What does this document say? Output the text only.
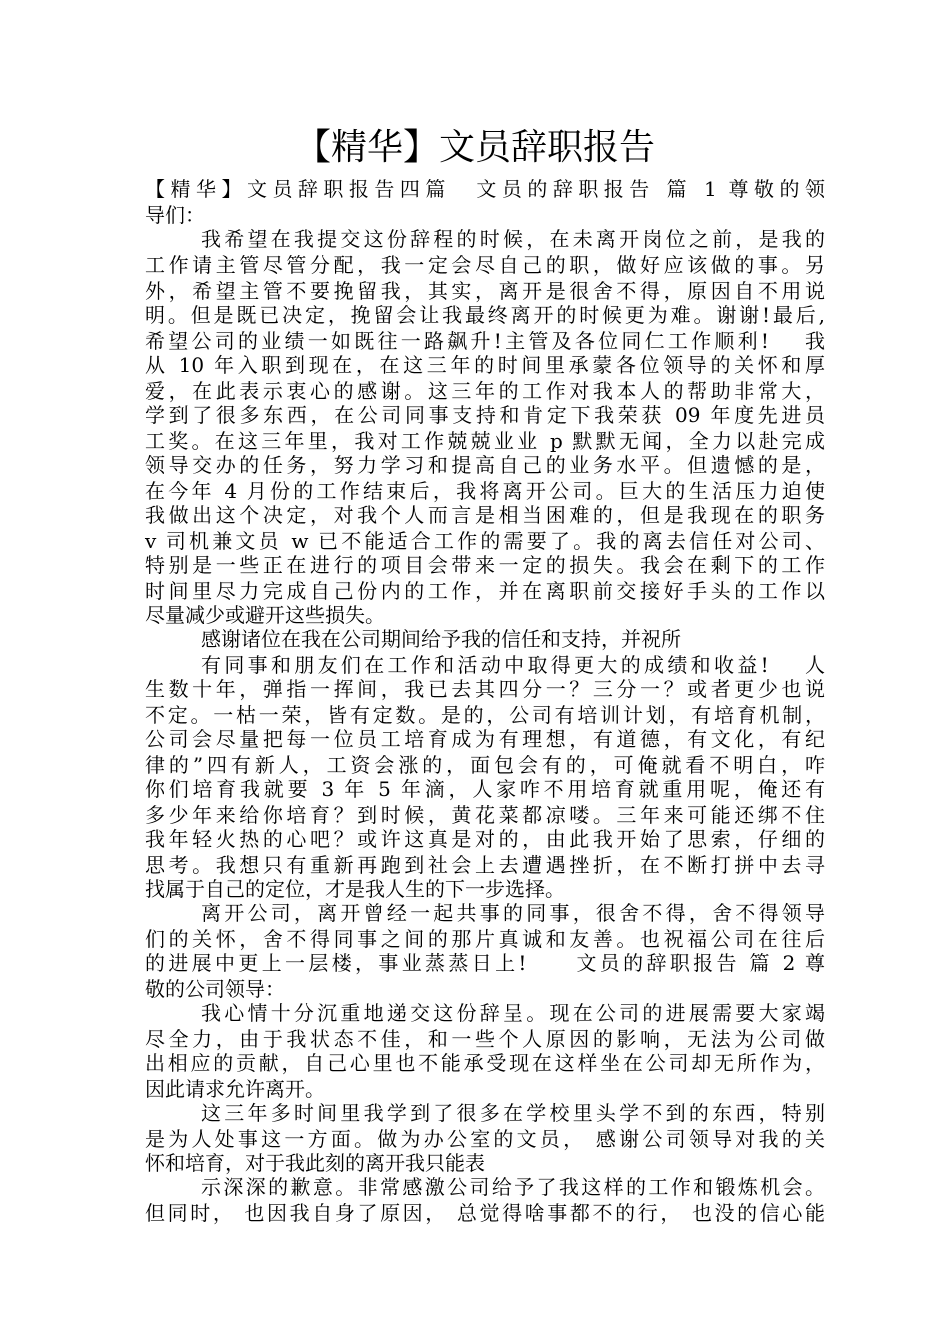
【精华】文员辞职报告
【精华】文员辞职报告四篇　文员的辞职报告 篇 1 尊敬的领
导们：
我希望在我提交这份辞程的时候，在未离开岗位之前，是我的
工作请主管尽管分配，我一定会尽自己的职，做好应该做的事。另
外，希望主管不要挽留我，其实，离开是很舍不得，原因自不用说
明。但是既已决定，挽留会让我最终离开的时候更为难。谢谢!最后,
希望公司的业绩一如既往一路飙升!主管及各位同仁工作顺利!　 我
从 10 年入职到现在，在这三年的时间里承蒙各位领导的关怀和厚
爱，在此表示衷心的感谢。这三年的工作对我本人的帮助非常大，
学到了很多东西，在公司同事支持和肯定下我荣获 09 年度先进员
工奖。在这三年里，我对工作兢兢业业 p 默默无闻，全力以赴完成
领导交办的任务，努力学习和提高自己的业务水平。但遗憾的是，
在今年 4 月份的工作结束后，我将离开公司。巨大的生活压力迫使
我做出这个决定，对我个人而言是相当困难的，但是我现在的职务
v 司机兼文员 w 已不能适合工作的需要了。我的离去信任对公司、
特别是一些正在进行的项目会带来一定的损失。我会在剩下的工作
时间里尽力完成自己份内的工作，并在离职前交接好手头的工作以
尽量减少或避开这些损失。
感谢诸位在我在公司期间给予我的信任和支持，并祝所
有同事和朋友们在工作和活动中取得更大的成绩和收益!　 人
生数十年，弹指一挥间，我已去其四分一？三分一？或者更少也说
不定。一枯一荣，皆有定数。是的，公司有培训计划，有培育机制，
公司会尽量把每一位员工培育成为有理想，有道德，有文化，有纪
律的”四有新人，工资会涨的，面包会有的，可俺就看不明白，咋
你们培育我就要 3 年 5 年滴，人家咋不用培育就重用呢，俺还有
多少年来给你培育？到时候，黄花菜都凉喽。三年来可能还绑不住
我年轻火热的心吧？或许这真是对的，由此我开始了思索，仔细的
思考。我想只有重新再跑到社会上去遭遇挫折，在不断打拼中去寻
找属于自己的定位，才是我人生的下一步选择。
离开公司，离开曾经一起共事的同事，很舍不得，舍不得领导
们的关怀，舍不得同事之间的那片真诚和友善。也祝福公司在往后
的进展中更上一层楼，事业蒸蒸日上!　　文员的辞职报告 篇 2 尊
敬的公司领导：
我心情十分沉重地递交这份辞呈。现在公司的进展需要大家竭
尽全力，由于我状态不佳，和一些个人原因的影响，无法为公司做
出相应的贡献，自己心里也不能承受现在这样坐在公司却无所作为，
因此请求允许离开。
这三年多时间里我学到了很多在学校里头学不到的东西，特别
是为人处事这一方面。做为办公室的文员， 感谢公司领导对我的关
怀和培育，对于我此刻的离开我只能表
示深深的歉意。非常感激公司给予了我这样的工作和锻炼机会。
但同时， 也因我自身了原因， 总觉得啥事都不的行， 也没的信心能
